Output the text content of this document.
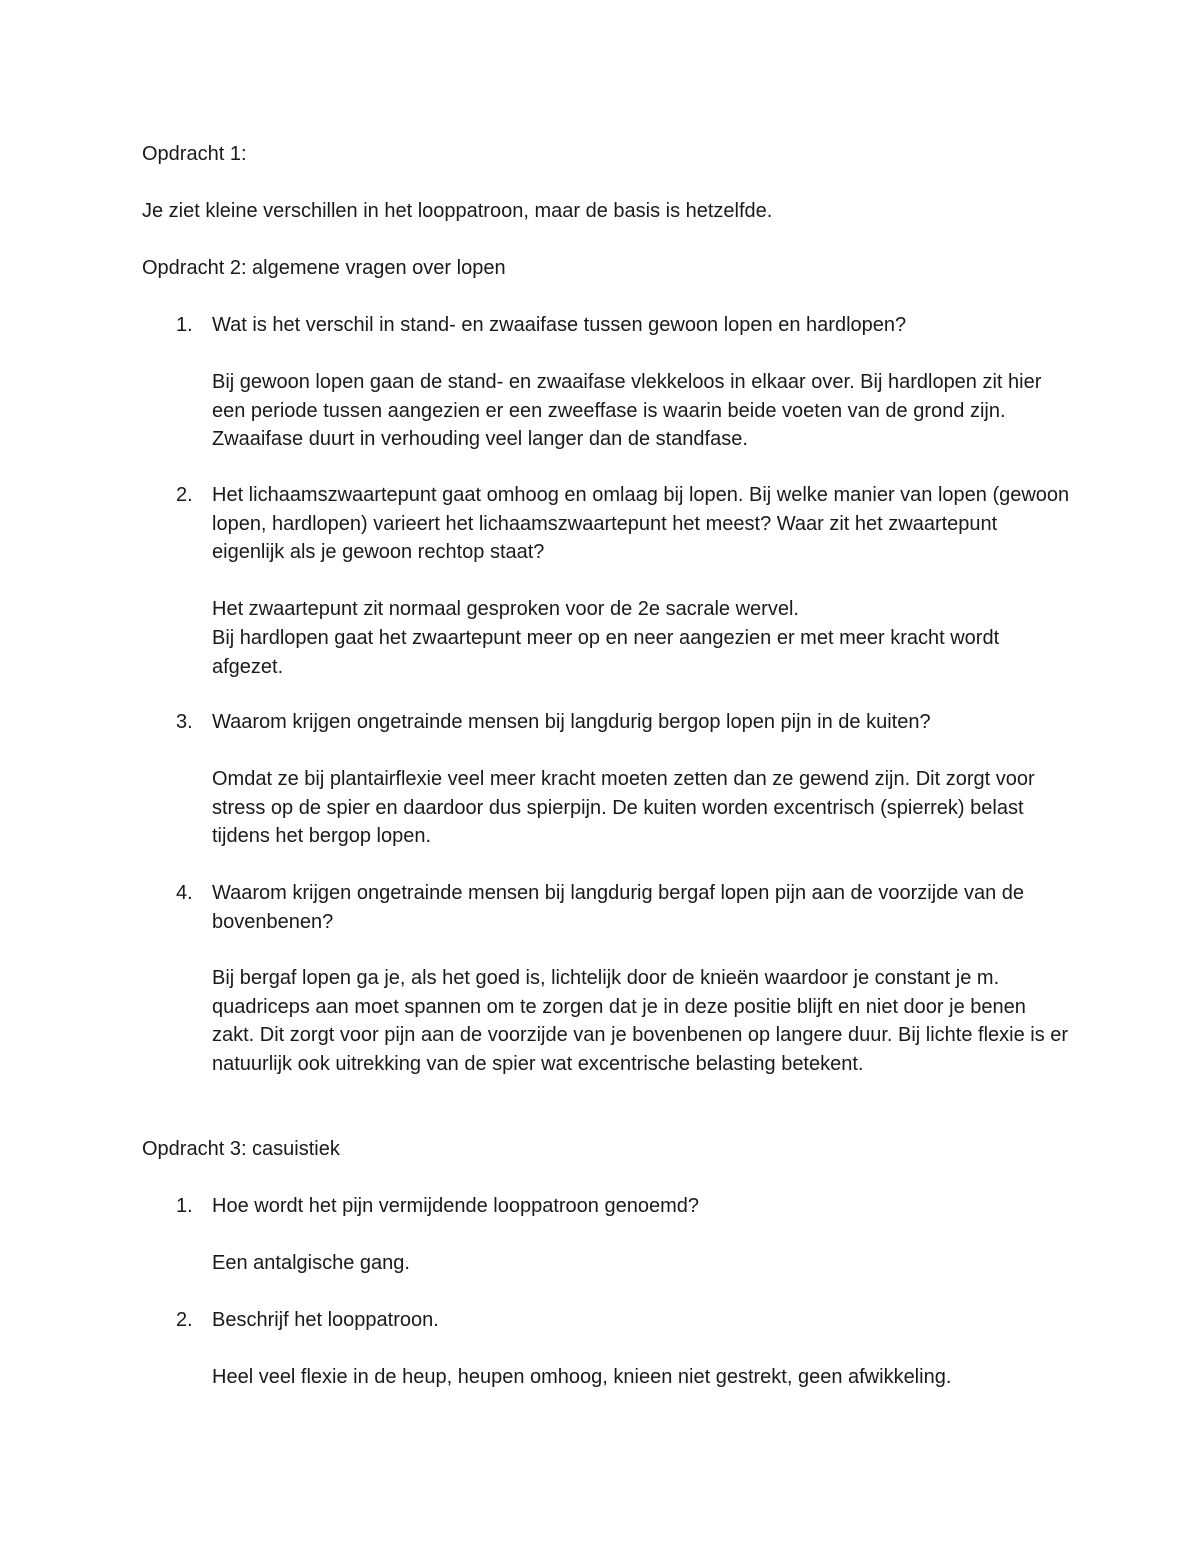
Opdracht 1:

Je ziet kleine verschillen in het looppatroon, maar de basis is hetzelfde.

Opdracht 2: algemene vragen over lopen

1. Wat is het verschil in stand- en zwaaifase tussen gewoon lopen en hardlopen?

Bij gewoon lopen gaan de stand- en zwaaifase vlekkeloos in elkaar over. Bij hardlopen zit hier een periode tussen aangezien er een zweeffase is waarin beide voeten van de grond zijn. Zwaaifase duurt in verhouding veel langer dan de standfase.

2. Het lichaamszwaartepunt gaat omhoog en omlaag bij lopen. Bij welke manier van lopen (gewoon lopen, hardlopen) varieert het lichaamszwaartepunt het meest? Waar zit het zwaartepunt eigenlijk als je gewoon rechtop staat?

Het zwaartepunt zit normaal gesproken voor de 2e sacrale wervel.

Bij hardlopen gaat het zwaartepunt meer op en neer aangezien er met meer kracht wordt afgezet.

3. Waarom krijgen ongetrainde mensen bij langdurig bergop lopen pijn in de kuiten?

Omdat ze bij plantairflexie veel meer kracht moeten zetten dan ze gewend zijn. Dit zorgt voor stress op de spier en daardoor dus spierpijn. De kuiten worden excentrisch (spierrek) belast tijdens het bergop lopen.

4. Waarom krijgen ongetrainde mensen bij langdurig bergaf lopen pijn aan de voorzijde van de bovenbenen?

Bij bergaf lopen ga je, als het goed is, lichtelijk door de knieën waardoor je constant je m. quadriceps aan moet spannen om te zorgen dat je in deze positie blijft en niet door je benen zakt. Dit zorgt voor pijn aan de voorzijde van je bovenbenen op langere duur. Bij lichte flexie is er natuurlijk ook uitrekking van de spier wat excentrische belasting betekent.

Opdracht 3: casuistiek

1. Hoe wordt het pijn vermijdende looppatroon genoemd?

Een antalgische gang.

2. Beschrijf het looppatroon.

Heel veel flexie in de heup, heupen omhoog, knieen niet gestrekt, geen afwikkeling.
